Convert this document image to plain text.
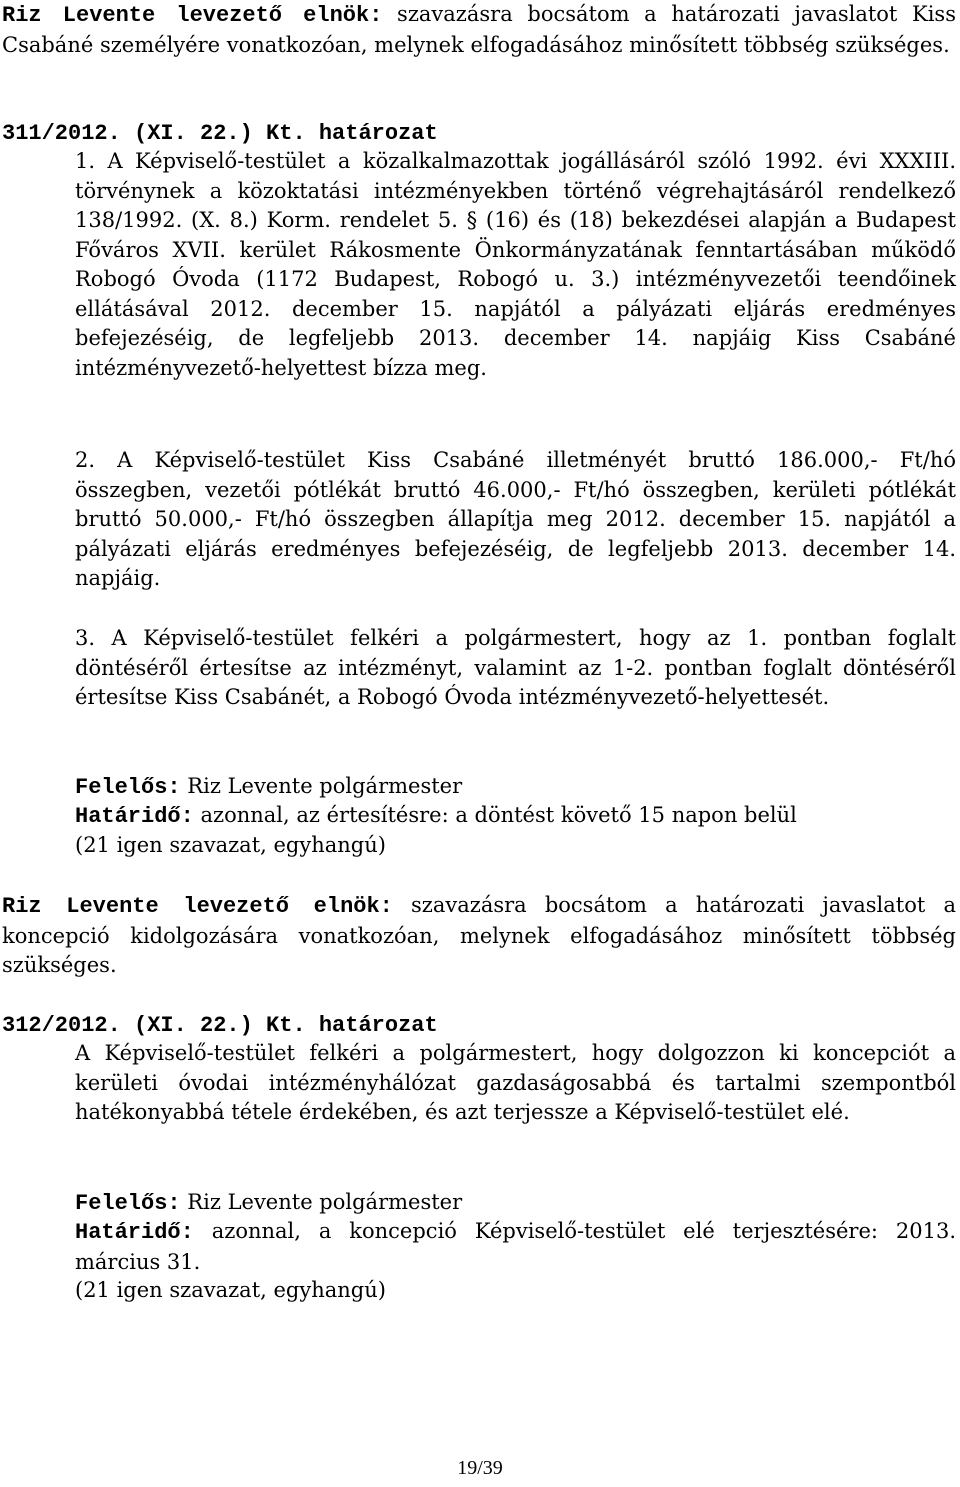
Riz Levente levezető elnök: szavazásra bocsátom a határozati javaslatot Kiss Csabáné személyére vonatkozóan, melynek elfogadásához minősített többség szükséges.

311/2012. (XI. 22.) Kt. határozat

1. A Képviselő-testület a közalkalmazottak jogállásáról szóló 1992. évi XXXIII. törvénynek a közoktatási intézményekben történő végrehajtásáról rendelkező 138/1992. (X. 8.) Korm. rendelet 5. § (16) és (18) bekezdései alapján a Budapest Főváros XVII. kerület Rákosmente Önkormányzatának fenntartásában működő Robogó Óvoda (1172 Budapest, Robogó u. 3.) intézményvezetői teendőinek ellátásával 2012. december 15. napjától a pályázati eljárás eredményes befejezéséig, de legfeljebb 2013. december 14. napjáig Kiss Csabáné intézményvezető-helyettest bízza meg.

2. A Képviselő-testület Kiss Csabáné illetményét bruttó 186.000,- Ft/hó összegben, vezetői pótlékát bruttó 46.000,- Ft/hó összegben, kerületi pótlékát bruttó 50.000,- Ft/hó összegben állapítja meg 2012. december 15. napjától a pályázati eljárás eredményes befejezéséig, de legfeljebb 2013. december 14. napjáig.

3. A Képviselő-testület felkéri a polgármestert, hogy az 1. pontban foglalt döntéséről értesítse az intézményt, valamint az 1-2. pontban foglalt döntéséről értesítse Kiss Csabánét, a Robogó Óvoda intézményvezető-helyettesét.

Felelős: Riz Levente polgármester

Határidő: azonnal, az értesítésre: a döntést követő 15 napon belül

(21 igen szavazat, egyhangú)

Riz Levente levezető elnök: szavazásra bocsátom a határozati javaslatot a koncepció kidolgozására vonatkozóan, melynek elfogadásához minősített többség szükséges.

312/2012. (XI. 22.) Kt. határozat

A Képviselő-testület felkéri a polgármestert, hogy dolgozzon ki koncepciót a kerületi óvodai intézményhálózat gazdaságosabbá és tartalmi szempontból hatékonyabbá tétele érdekében, és azt terjessze a Képviselő-testület elé.

Felelős: Riz Levente polgármester

Határidő: azonnal, a koncepció Képviselő-testület elé terjesztésére: 2013. március 31.

(21 igen szavazat, egyhangú)

19/39
